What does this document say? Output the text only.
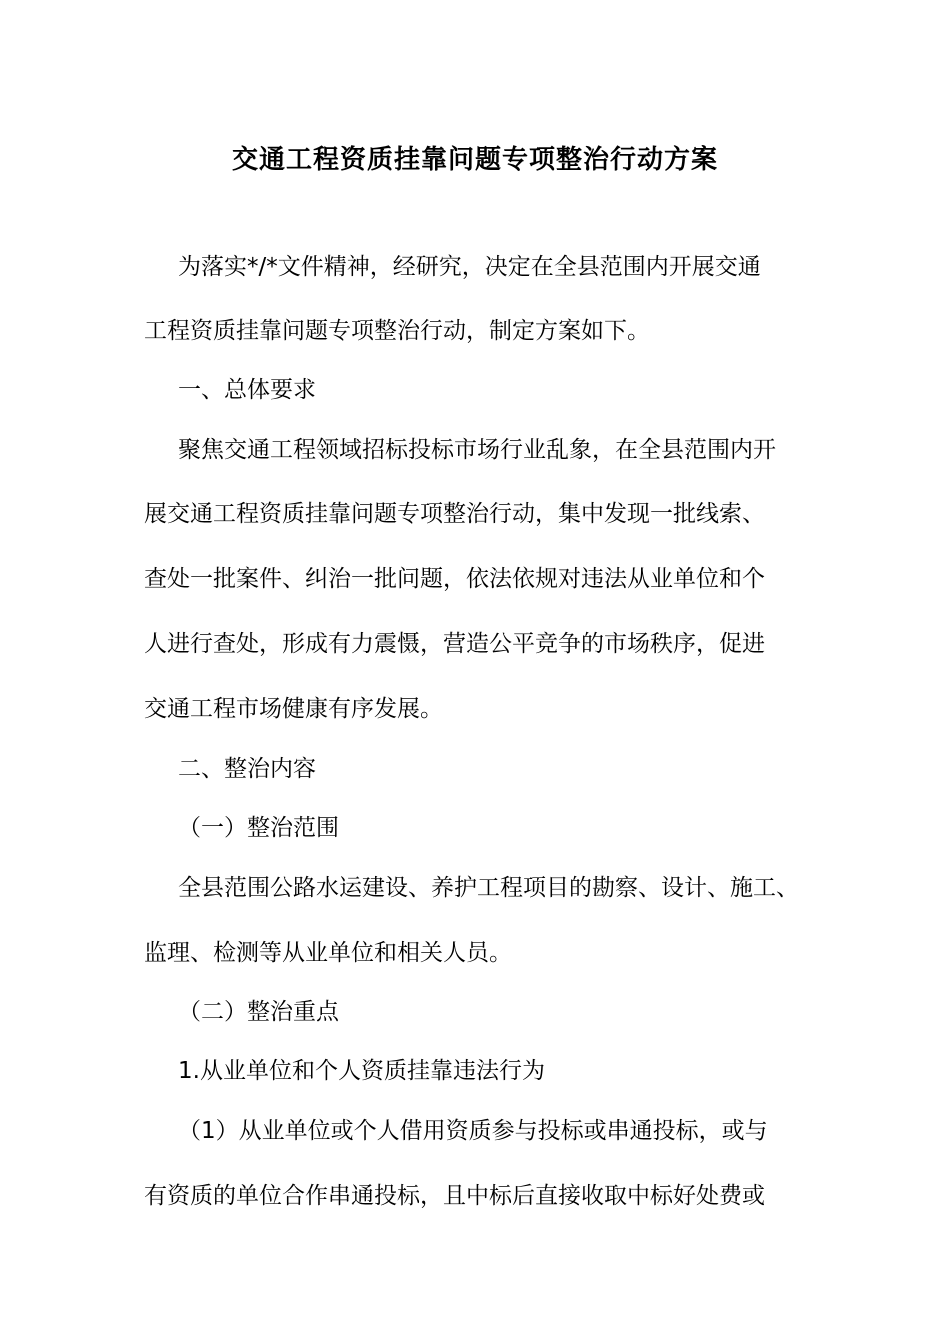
交通工程资质挂靠问题专项整治行动方案

为落实*/*文件精神，经研究，决定在全县范围内开展交通

工程资质挂靠问题专项整治行动，制定方案如下。

一、总体要求

聚焦交通工程领域招标投标市场行业乱象，在全县范围内开

展交通工程资质挂靠问题专项整治行动，集中发现一批线索、

查处一批案件、纠治一批问题，依法依规对违法从业单位和个

人进行查处，形成有力震慑，营造公平竞争的市场秩序，促进

交通工程市场健康有序发展。

二、整治内容

（一）整治范围

全县范围公路水运建设、养护工程项目的勘察、设计、施工、

监理、检测等从业单位和相关人员。

（二）整治重点

1.从业单位和个人资质挂靠违法行为

（1）从业单位或个人借用资质参与投标或串通投标，或与

有资质的单位合作串通投标，且中标后直接收取中标好处费或
